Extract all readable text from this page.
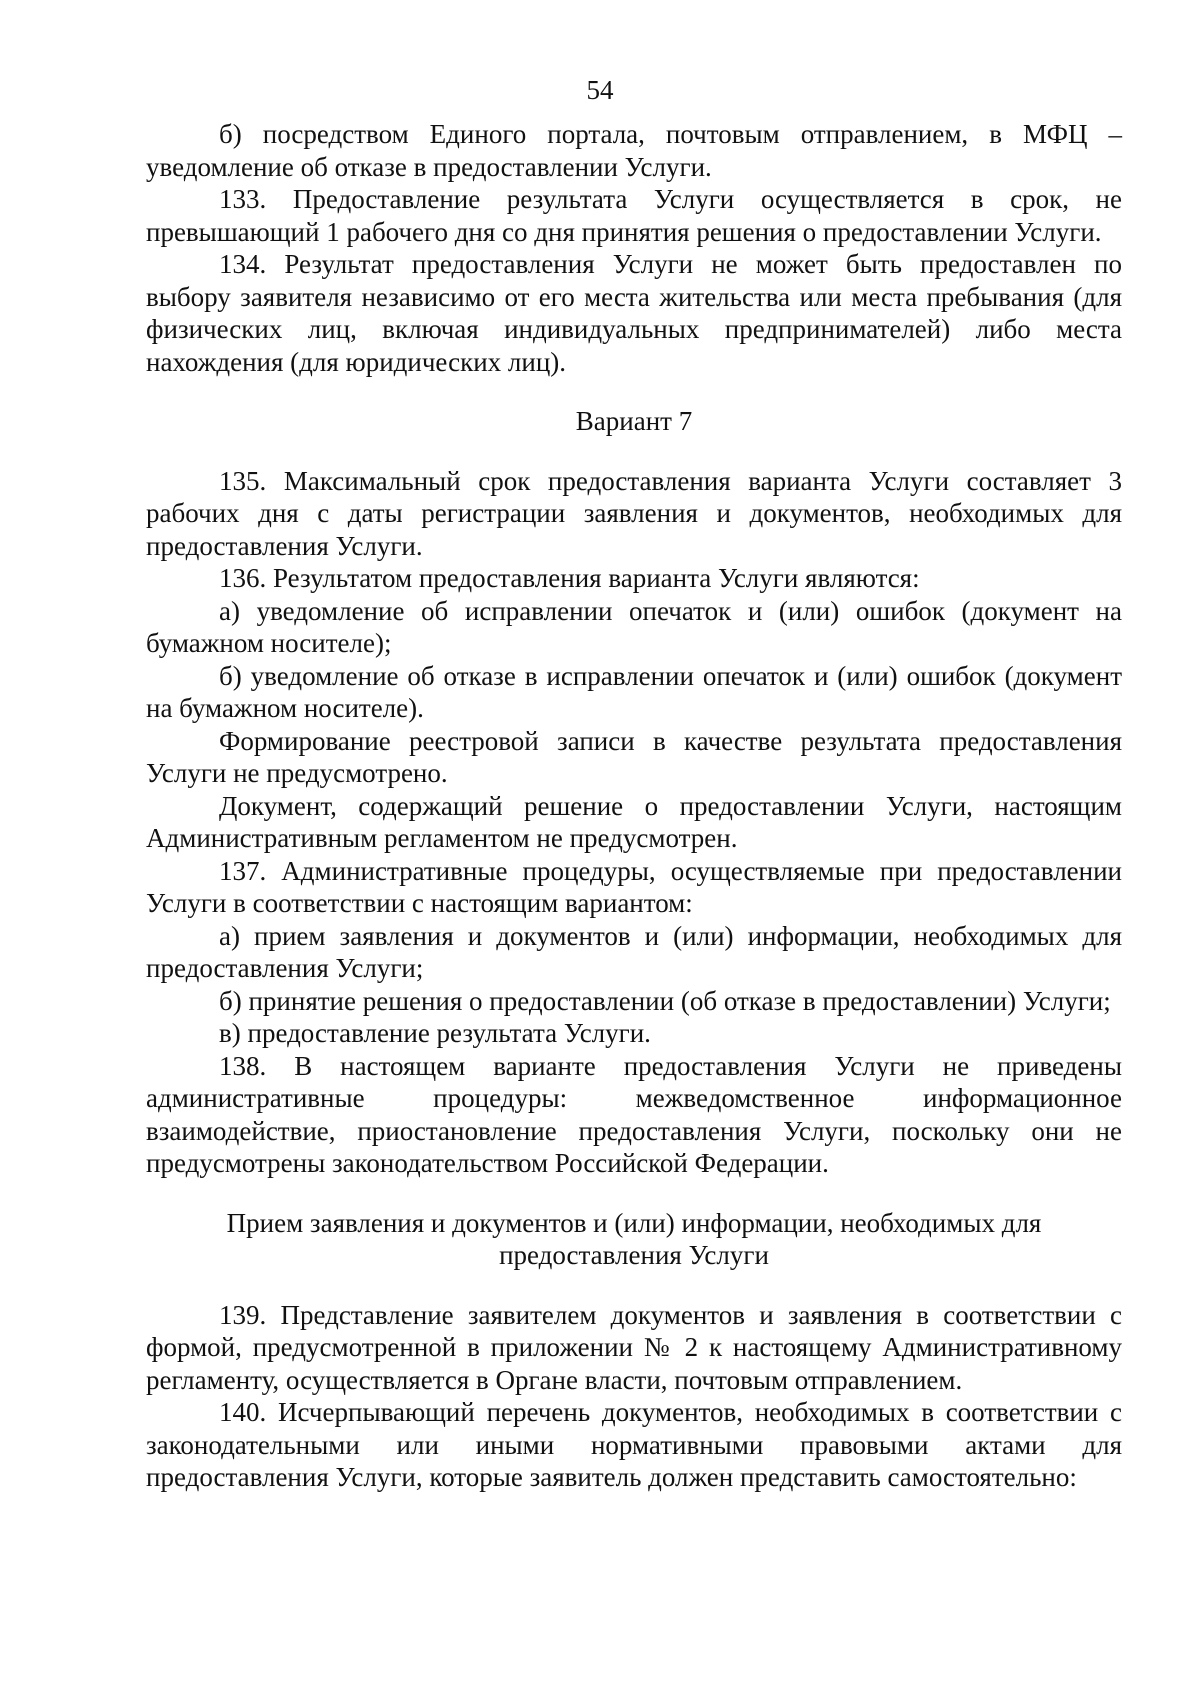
54

б) посредством Единого портала, почтовым отправлением, в МФЦ – уведомление об отказе в предоставлении Услуги.

133. Предоставление результата Услуги осуществляется в срок, не превышающий 1 рабочего дня со дня принятия решения о предоставлении Услуги.

134. Результат предоставления Услуги не может быть предоставлен по выбору заявителя независимо от его места жительства или места пребывания (для физических лиц, включая индивидуальных предпринимателей) либо места нахождения (для юридических лиц).

Вариант 7

135. Максимальный срок предоставления варианта Услуги составляет 3 рабочих дня с даты регистрации заявления и документов, необходимых для предоставления Услуги.

136. Результатом предоставления варианта Услуги являются:

а) уведомление об исправлении опечаток и (или) ошибок (документ на бумажном носителе);

б) уведомление об отказе в исправлении опечаток и (или) ошибок (документ на бумажном носителе).

Формирование реестровой записи в качестве результата предоставления Услуги не предусмотрено.

Документ, содержащий решение о предоставлении Услуги, настоящим Административным регламентом не предусмотрен.

137. Административные процедуры, осуществляемые при предоставлении Услуги в соответствии с настоящим вариантом:

а) прием заявления и документов и (или) информации, необходимых для предоставления Услуги;

б) принятие решения о предоставлении (об отказе в предоставлении) Услуги;

в) предоставление результата Услуги.

138. В настоящем варианте предоставления Услуги не приведены административные процедуры: межведомственное информационное взаимодействие, приостановление предоставления Услуги, поскольку они не предусмотрены законодательством Российской Федерации.

Прием заявления и документов и (или) информации, необходимых для
предоставления Услуги

139. Представление заявителем документов и заявления в соответствии с формой, предусмотренной в приложении № 2 к настоящему Административному регламенту, осуществляется в Органе власти, почтовым отправлением.

140. Исчерпывающий перечень документов, необходимых в соответствии с законодательными или иными нормативными правовыми актами для предоставления Услуги, которые заявитель должен представить самостоятельно:
